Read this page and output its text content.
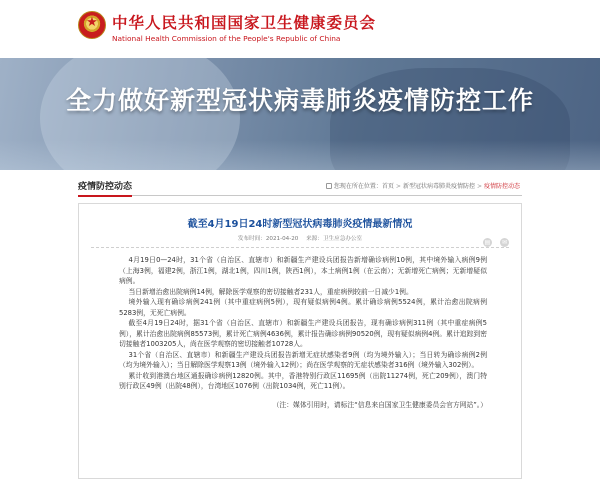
★
中华人民共和国国家卫生健康委员会
National Health Commission of the People's Republic of China
全力做好新型冠状病毒肺炎疫情防控工作
疫情防控动态	您现在所在位置：首页 > 新型冠状病毒肺炎疫情防控 > 疫情防控动态
截至4月19日24时新型冠状病毒肺炎疫情最新情况
发布时间：2021-04-20 来源：卫生应急办公室
▤ ✉

4月19日0—24时，31个省（自治区、直辖市）和新疆生产建设兵团报告新增确诊病例10例，其中境外输入病例9例（上海3例，福建2例，浙江1例，湖北1例，四川1例，陕西1例），本土病例1例（在云南）；无新增死亡病例；无新增疑似病例。

当日新增治愈出院病例14例，解除医学观察的密切接触者231人，重症病例较前一日减少1例。

境外输入现有确诊病例241例（其中重症病例5例），现有疑似病例4例。累计确诊病例5524例，累计治愈出院病例5283例，无死亡病例。

截至4月19日24时，据31个省（自治区、直辖市）和新疆生产建设兵团报告，现有确诊病例311例（其中重症病例5例），累计治愈出院病例85573例，累计死亡病例4636例，累计报告确诊病例90520例，现有疑似病例4例。累计追踪到密切接触者1003205人，尚在医学观察的密切接触者10728人。

31个省（自治区、直辖市）和新疆生产建设兵团报告新增无症状感染者9例（均为境外输入）；当日转为确诊病例2例（均为境外输入）；当日解除医学观察13例（境外输入12例）；尚在医学观察的无症状感染者316例（境外输入302例）。

累计收到港澳台地区通报确诊病例12820例。其中，香港特别行政区11695例（出院11274例，死亡209例），澳门特别行政区49例（出院48例），台湾地区1076例（出院1034例，死亡11例）。

（注：媒体引用时，请标注“信息来自国家卫生健康委员会官方网站”。）
